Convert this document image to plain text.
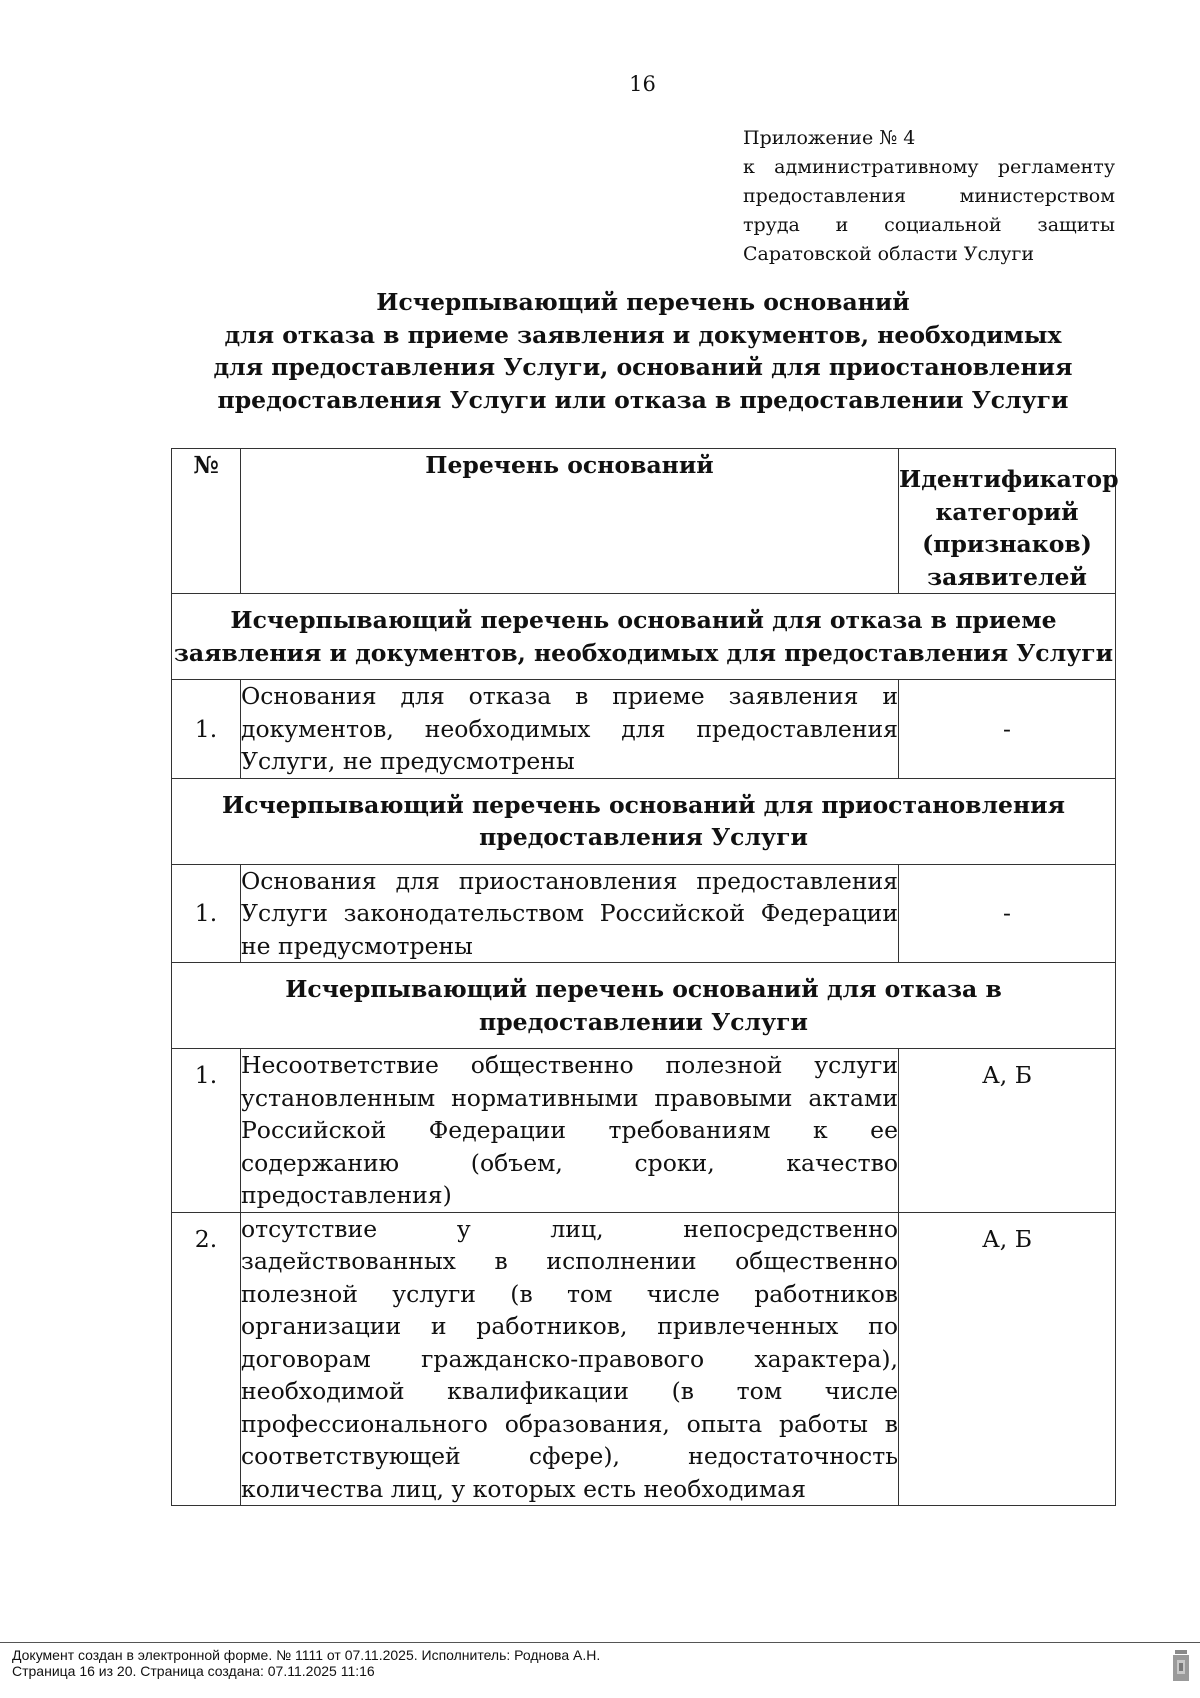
16
Приложение № 4
к административному регламенту предоставления министерством труда и социальной защиты Саратовской области Услуги
Исчерпывающий перечень оснований
для отказа в приеме заявления и документов, необходимых
для предоставления Услуги, оснований для приостановления
предоставления Услуги или отказа в предоставлении Услуги
№	Перечень оснований	Идентификатор категорий (признаков) заявителей
Исчерпывающий перечень оснований для отказа в приеме заявления и документов, необходимых для предоставления Услуги		
1.	Основания для отказа в приеме заявления и документов, необходимых для предоставления Услуги, не предусмотрены	-
Исчерпывающий перечень оснований для приостановления предоставления Услуги		
1.	Основания для приостановления предоставления Услуги законодательством Российской Федерации не предусмотрены	-
Исчерпывающий перечень оснований для отказа в предоставлении Услуги		
1.	Несоответствие общественно полезной услуги установленным нормативными правовыми актами Российской Федерации требованиям к ее содержанию (объем, сроки, качество предоставления)	А, Б
2.	отсутствие у лиц, непосредственно задействованных в исполнении общественно полезной услуги (в том числе работников организации и работников, привлеченных по договорам гражданско-правового характера), необходимой квалификации (в том числе профессионального образования, опыта работы в соответствующей сфере), недостаточность количества лиц, у которых есть необходимая	А, Б
Документ создан в электронной форме. № 1111 от 07.11.2025. Исполнитель: Роднова А.Н.
Страница 16 из 20. Страница создана: 07.11.2025 11:16
